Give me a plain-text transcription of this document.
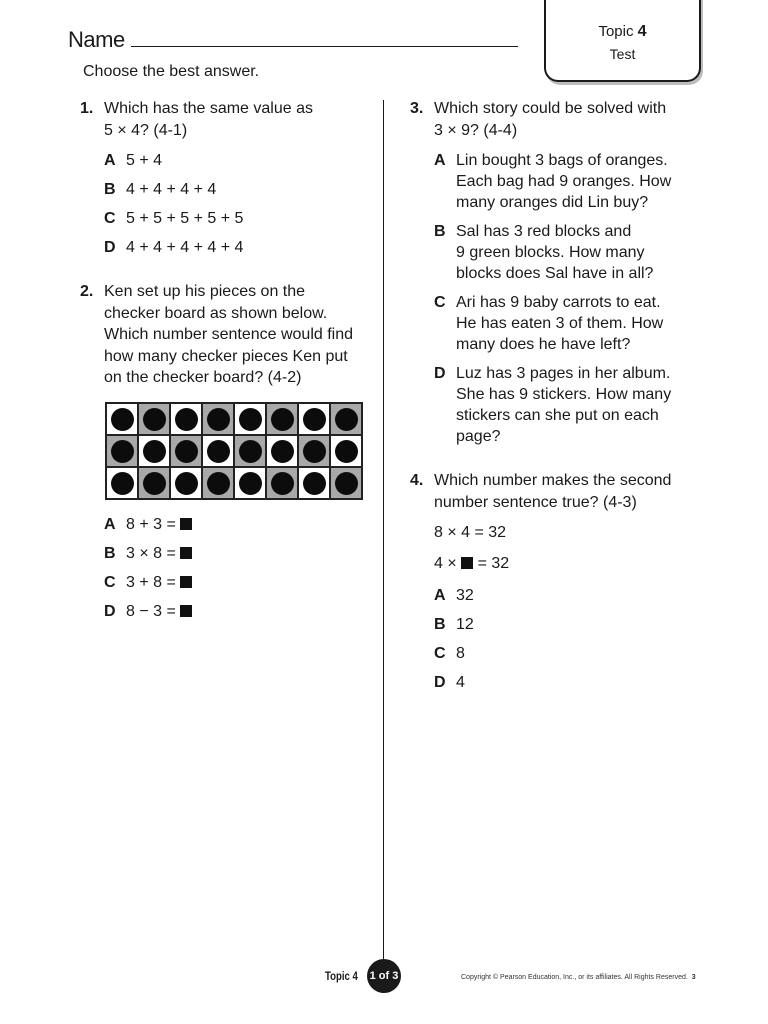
Name	Topic 4
Test
Choose the best answer.
1. Which has the same value as
5 × 4? (4-1)
A 5 + 4
B 4 + 4 + 4 + 4
C 5 + 5 + 5 + 5 + 5
D 4 + 4 + 4 + 4 + 4
2. Ken set up his pieces on the
checker board as shown below.
Which number sentence would find
how many checker pieces Ken put
on the checker board? (4-2)
A 8 + 3 =
B 3 × 8 =
C 3 + 8 =
D 8 − 3 =
3. Which story could be solved with
3 × 9? (4-4)
A Lin bought 3 bags of oranges.
Each bag had 9 oranges. How
many oranges did Lin buy?
B Sal has 3 red blocks and
9 green blocks. How many
blocks does Sal have in all?
C Ari has 9 baby carrots to eat.
He has eaten 3 of them. How
many does he have left?
D Luz has 3 pages in her album.
She has 9 stickers. How many
stickers can she put on each
page?
4. Which number makes the second
number sentence true? (4-3)
8 × 4 = 32
4 ×  = 32
A 32
B 12
C 8
D 4
Topic 4 1 of 3	Copyright © Pearson Education, Inc., or its affiliates. All Rights Reserved. 3
